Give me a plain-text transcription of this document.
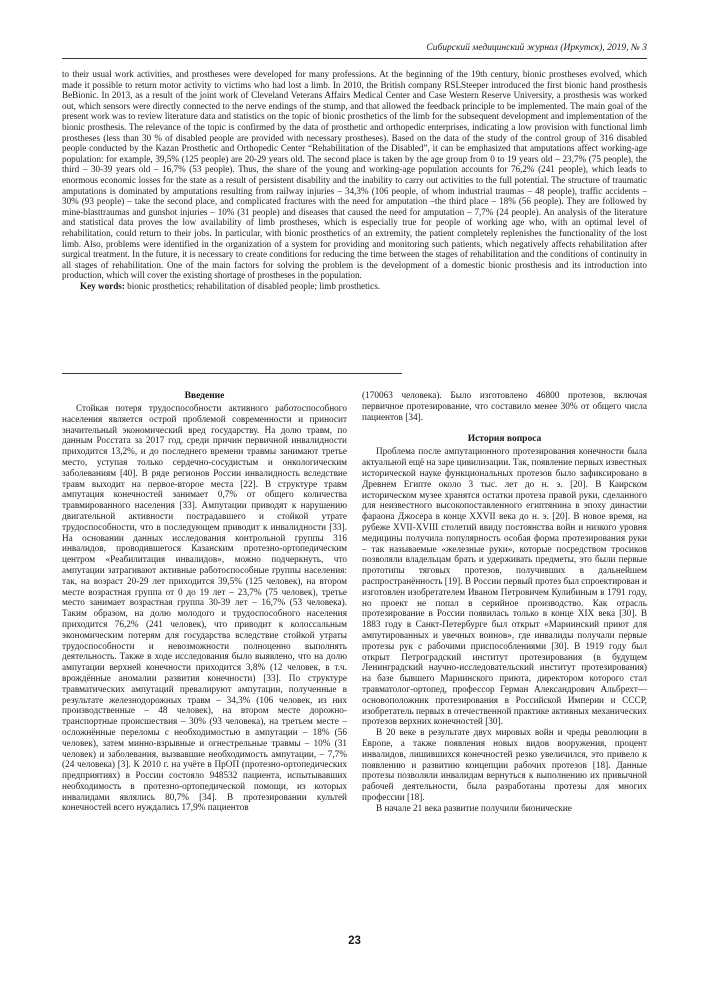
Сибирский медицинский журнал (Иркутск), 2019, № 3

to their usual work activities, and prostheses were developed for many professions. At the beginning of the 19th century, bionic prostheses evolved, which made it possible to return motor activity to victims who had lost a limb. In 2010, the British company RSLSteeper introduced the first bionic hand prosthesis BeBionic. In 2013, as a result of the joint work of Cleveland Veterans Affairs Medical Center and Case Western Reserve University, a prosthesis was worked out, which sensors were directly connected to the nerve endings of the stump, and that allowed the feedback principle to be implemented. The main goal of the present work was to review literature data and statistics on the topic of bionic prosthetics of the limb for the subsequent development and implementation of the bionic prosthesis. The relevance of the topic is confirmed by the data of prosthetic and orthopedic enterprises, indicating a low provision with functional limb prostheses (less than 30 % of disabled people are provided with necessary prostheses). Based on the data of the study of the control group of 316 disabled people conducted by the Kazan Prosthetic and Orthopedic Center “Rehabilitation of the Disabled”, it can be emphasized that amputations affect working-age population: for example, 39,5% (125 people) are 20-29 years old. The second place is taken by the age group from 0 to 19 years old – 23,7% (75 people), the third – 30-39 years old – 16,7% (53 people). Thus, the share of the young and working-age population accounts for 76,2% (241 people), which leads to enormous economic losses for the state as a result of persistent disability and the inability to carry out activities to the full potential. The structure of traumatic amputations is dominated by amputations resulting from railway injuries – 34,3% (106 people, of whom industrial traumas – 48 people), traffic accidents – 30% (93 people) – take the second place, and complicated fractures with the need for amputation –the third place – 18% (56 people). They are followed by mine-blasttraumas and gunshot injuries – 10% (31 people) and diseases that caused the need for amputation – 7,7% (24 people). An analysis of the literature and statistical data proves the low availability of limb prostheses, which is especially true for people of working age who, with an optimal level of rehabilitation, could return to their jobs. In particular, with bionic prosthetics of an extremity, the patient completely replenishes the functionality of the lost limb. Also, problems were identified in the organization of a system for providing and monitoring such patients, which negatively affects rehabilitation after surgical treatment. In the future, it is necessary to create conditions for reducing the time between the stages of rehabilitation and the conditions of continuity in all stages of rehabilitation. One of the main factors for solving the problem is the development of a domestic bionic prosthesis and its introduction into production, which will cover the existing shortage of prostheses in the population.

Key words: bionic prosthetics; rehabilitation of disabled people; limb prosthetics.

Введение

Стойкая потеря трудоспособности активного работоспособного населения является острой проблемой современности и приносит значительный экономический вред государству. На долю травм, по данным Росстата за 2017 год, среди причин первичной инвалидности приходится 13,2%, и до последнего времени травмы занимают третье место, уступая только сердечно-сосудистым и онкологическим заболеваниям [40]. В ряде регионов России инвалидность вследствие травм выходит на первое-второе места [22]. В структуре травм ампутация конечностей занимает 0,7% от общего количества травмированного населения [33]. Ампутации приводят к нарушению двигательной активности пострадавшего и стойкой утрате трудоспособности, что в последующем приводит к инвалидности [33]. На основании данных исследования контрольной группы 316 инвалидов, проводившегося Казанским протезно-ортопедическим центром «Реабилитация инвалидов», можно подчеркнуть, что ампутации затрагивают активные работоспособные группы населения: так, на возраст 20-29 лет приходится 39,5% (125 человек), на втором месте возрастная группа от 0 до 19 лет – 23,7% (75 человек), третье место занимает возрастная группа 30-39 лет – 16,7% (53 человека). Таким образом, на долю молодого и трудоспособного населения приходится 76,2% (241 человек), что приводит к колоссальным экономическим потерям для государства вследствие стойкой утраты трудоспособности и невозможности полноценно выполнять деятельность. Также в ходе исследования было выявлено, что на долю ампутации верхней конечности приходится 3,8% (12 человек, в т.ч. врождённые аномалии развития конечности) [33]. По структуре травматических ампутаций превалируют ампутации, полученные в результате железнодорожных травм – 34,3% (106 человек, из них производственные – 48 человек), на втором месте дорожно-транспортные происшествия – 30% (93 человека), на третьем месте – осложнённые переломы с необходимостью в ампутации – 18% (56 человек), затем минно-взрывные и огнестрельные травмы – 10% (31 человек) и заболевания, вызвавшие необходимость ампутации, – 7,7% (24 человека) [3]. К 2010 г. на учёте в ПрОП (протезно-ортопедических предприятиях) в России состояло 948532 пациента, испытывавших необходимость в протезно-ортопедической помощи, из которых инвалидами являлись 80,7% [34]. В протезировании культей конечностей всего нуждались 17,9% пациентов

(170063 человека). Было изготовлено 46800 протезов, включая первичное протезирование, что составило менее 30% от общего числа пациентов [34].

История вопроса

Проблема после ампутационного протезирования конечности была актуальной ещё на заре цивилизации. Так, появление первых известных исторической науке функциональных протезов было зафиксировано в Древнем Египте около 3 тыс. лет до н. э. [20]. В Каирском историческом музее хранятся остатки протеза правой руки, сделанного для неизвестного высокопоставленного египтянина в эпоху династии фараона Джосера в конце XXVII века до н. э. [20]. В новое время, на рубеже XVII-XVIII столетий ввиду постоянства войн и низкого уровня медицины получила популярность особая форма протезирования руки – так называемые «железные руки», которые посредством тросиков позволяли владельцам брать и удерживать предметы, это были первые прототипы тяговых протезов, получивших в дальнейшем распространённость [19]. В России первый протез был спроектирован и изготовлен изобретателем Иваном Петровичем Кулибиным в 1791 году, но проект не попал в серийное производство. Как отрасль протезирование в России появилась только в конце XIX века [30]. В 1883 году в Санкт-Петербурге был открыт «Мариинский приют для ампутированных и увечных воинов», где инвалиды получали первые протезы рук с рабочими приспособлениями [30]. В 1919 году был открыт Петроградский институт протезирования (в будущем Ленинградский научно-исследовательский институт протезирования) на базе бывшего Мариинского приюта, директором которого стал травматолог-ортопед, профессор Герман Александрович Альбрехт— основоположник протезирования в Российской Империи и СССР, изобретатель первых в отечественной практике активных механических протезов верхних конечностей [30].

В 20 веке в результате двух мировых войн и чреды революции в Европе, а также появления новых видов вооружения, процент инвалидов, лишившихся конечностей резко увеличился, это привело к появлению и развитию концепции рабочих протезов [18]. Данные протезы позволяли инвалидам вернуться к выполнению их привычной рабочей деятельности, была разработаны протезы для многих профессии [18].

В начале 21 века развитие получили бионические

23
